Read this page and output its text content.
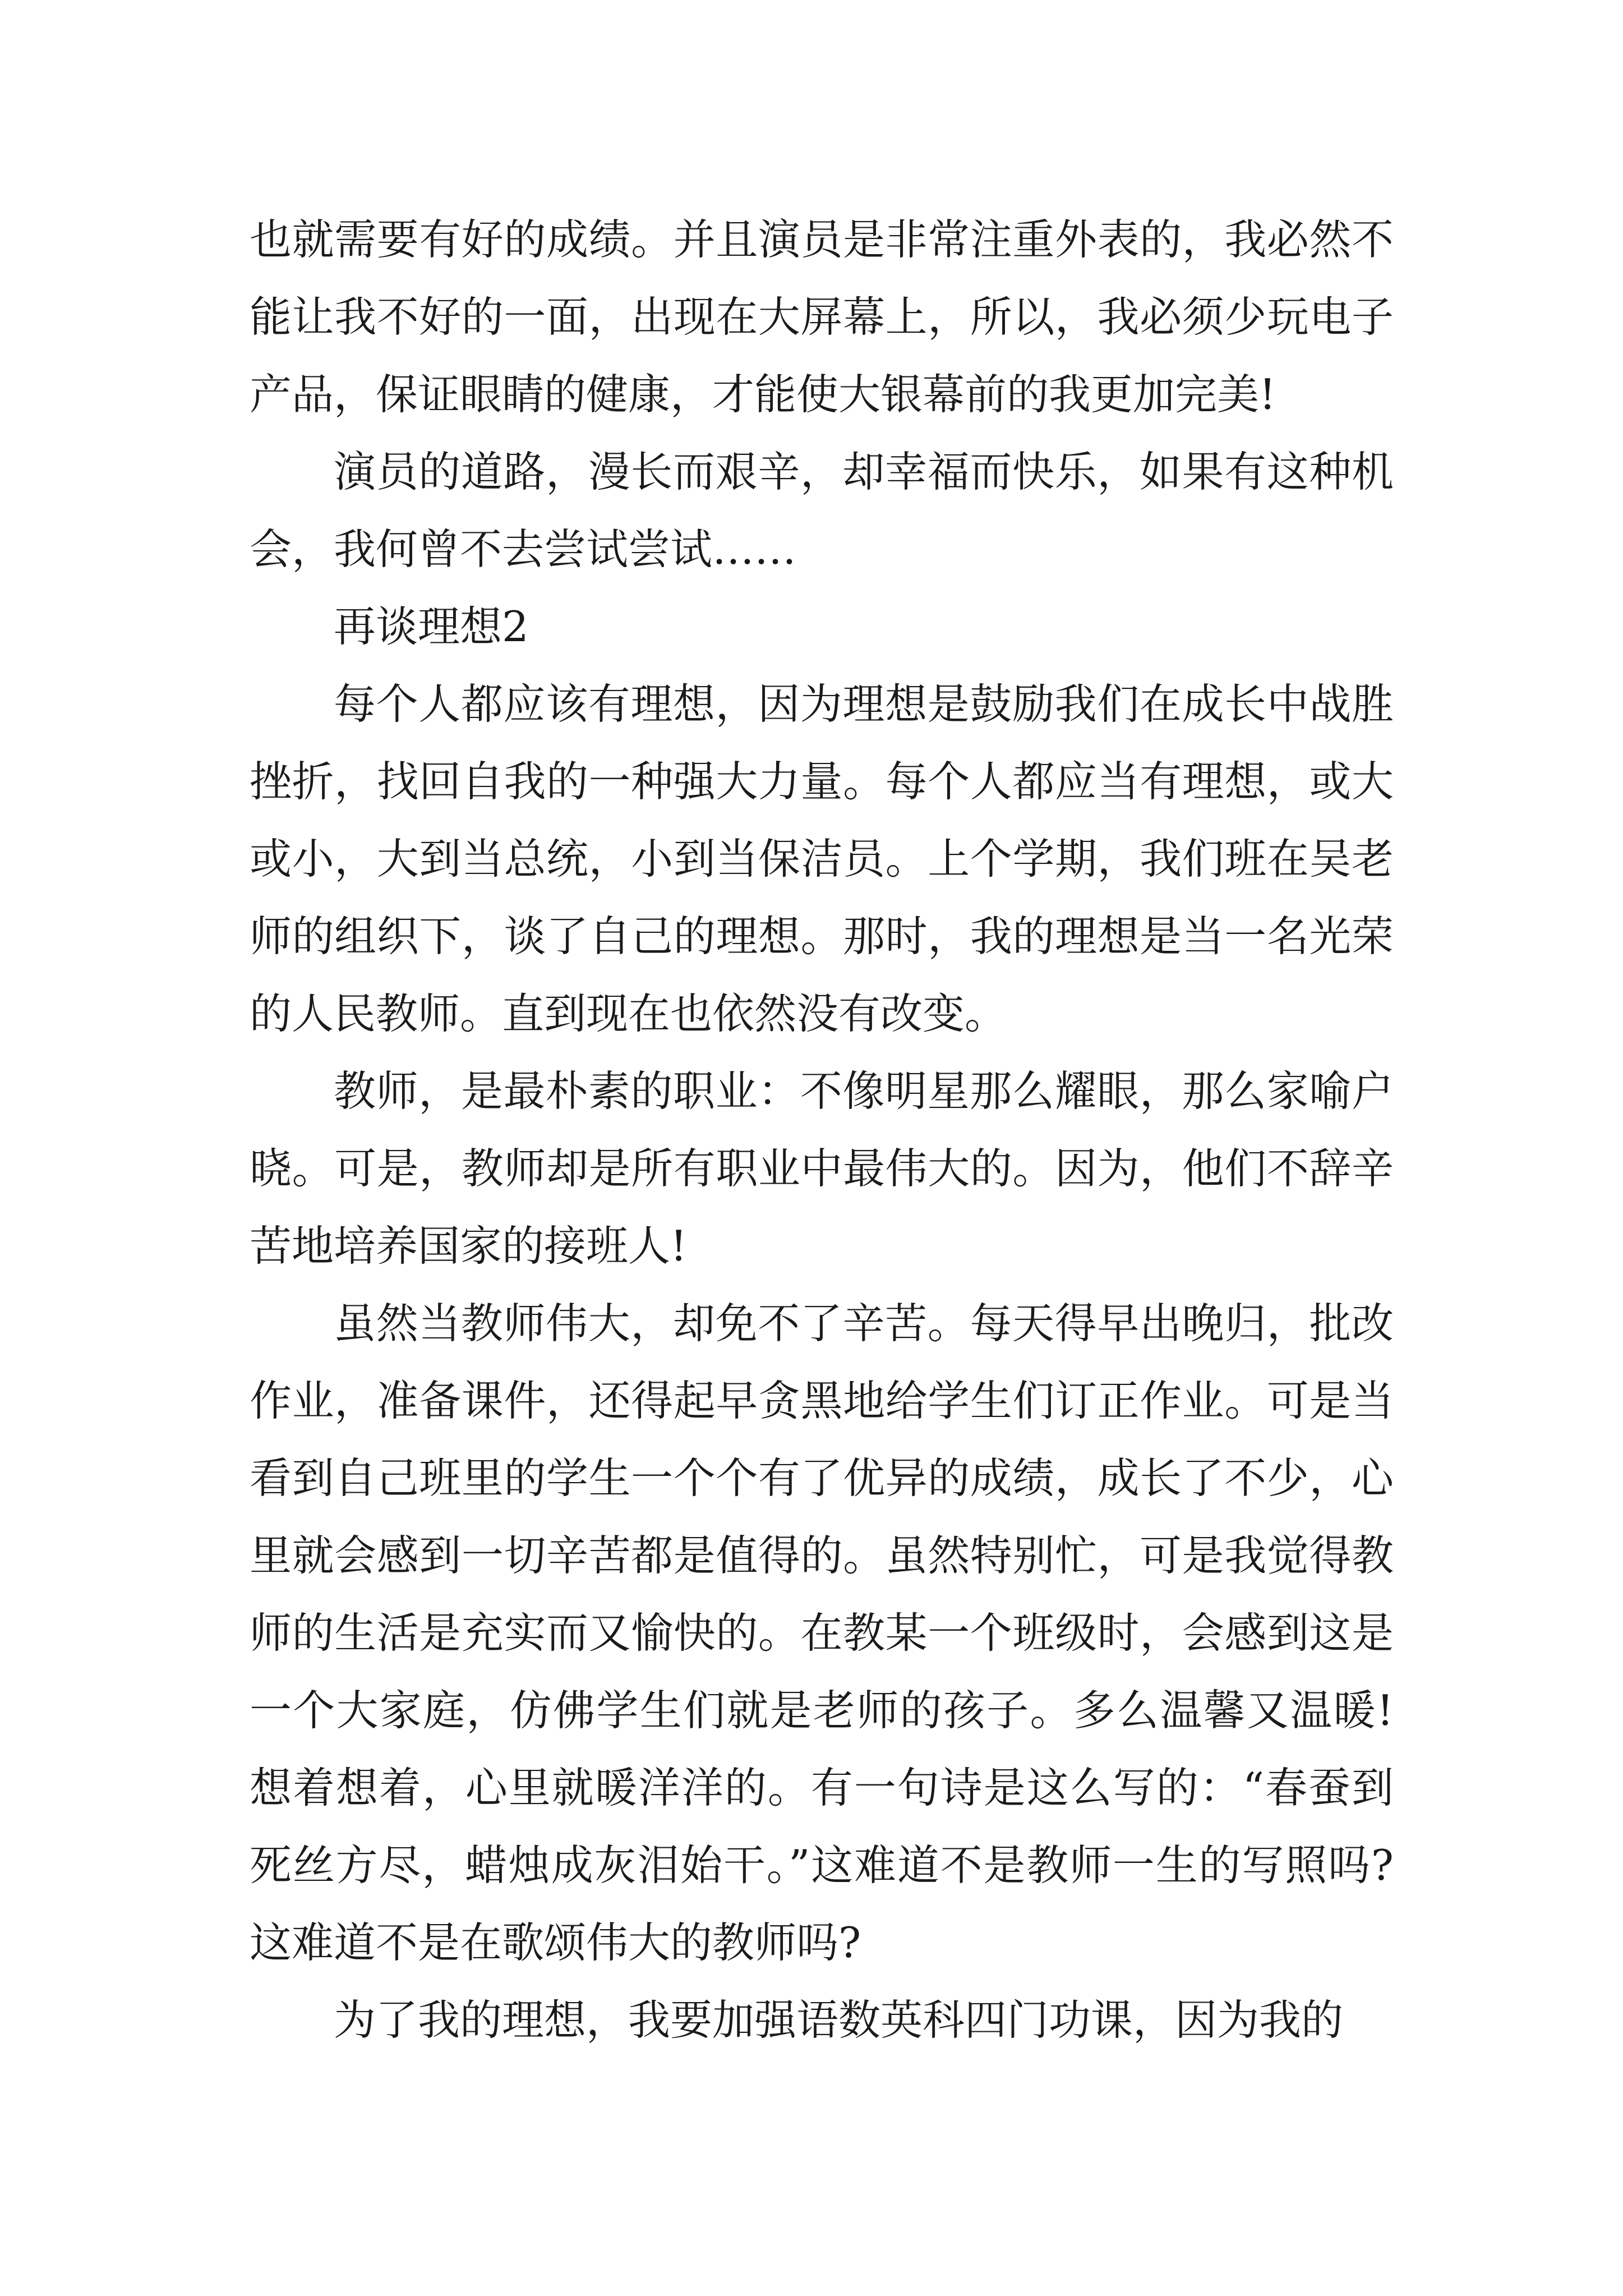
也就需要有好的成绩。并且演员是非常注重外表的，我必然不能让我不好的一面，出现在大屏幕上，所以，我必须少玩电子产品，保证眼睛的健康，才能使大银幕前的我更加完美!

演员的道路，漫长而艰辛，却幸福而快乐，如果有这种机会，我何曾不去尝试尝试……

再谈理想2

每个人都应该有理想，因为理想是鼓励我们在成长中战胜挫折，找回自我的一种强大力量。每个人都应当有理想，或大或小，大到当总统，小到当保洁员。上个学期，我们班在吴老师的组织下，谈了自己的理想。那时，我的理想是当一名光荣的人民教师。直到现在也依然没有改变。

教师，是最朴素的职业：不像明星那么耀眼，那么家喻户晓。可是，教师却是所有职业中最伟大的。因为，他们不辞辛苦地培养国家的接班人!

虽然当教师伟大，却免不了辛苦。每天得早出晚归，批改作业，准备课件，还得起早贪黑地给学生们订正作业。可是当看到自己班里的学生一个个有了优异的成绩，成长了不少，心里就会感到一切辛苦都是值得的。虽然特别忙，可是我觉得教师的生活是充实而又愉快的。在教某一个班级时，会感到这是一个大家庭，仿佛学生们就是老师的孩子。多么温馨又温暖!想着想着，心里就暖洋洋的。有一句诗是这么写的：“春蚕到死丝方尽，蜡烛成灰泪始干。”这难道不是教师一生的写照吗?这难道不是在歌颂伟大的教师吗?

为了我的理想，我要加强语数英科四门功课，因为我的
